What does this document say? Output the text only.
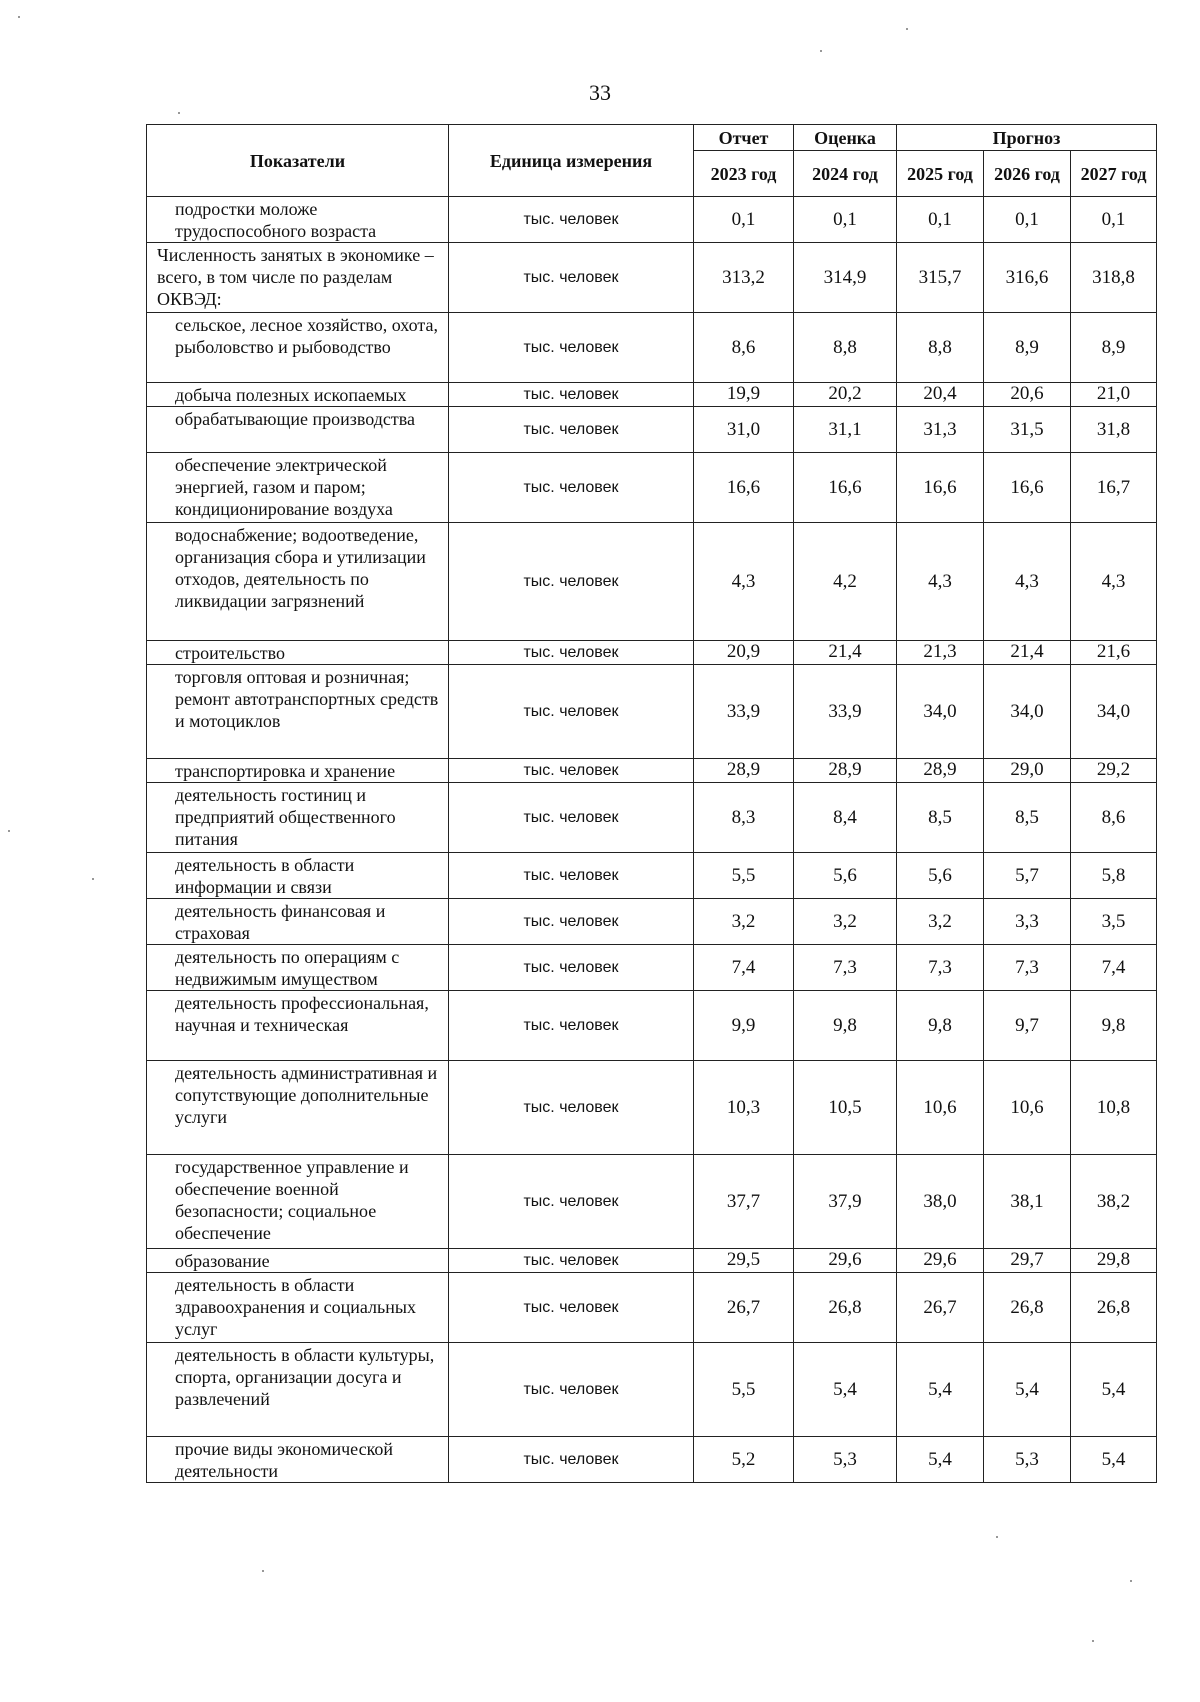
33
Показатели	Единица измерения	Отчет	Оценка	Прогноз		
		2023 год	2024 год	2025 год	2026 год	2027 год
подростки моложе трудоспособного возраста	тыс. человек	0,1	0,1	0,1	0,1	0,1
Численность занятых в экономике – всего, в том числе по разделам ОКВЭД:	тыс. человек	313,2	314,9	315,7	316,6	318,8
сельское, лесное хозяйство, охота, рыболовство и рыбоводство	тыс. человек	8,6	8,8	8,8	8,9	8,9
добыча полезных ископаемых	тыс. человек	19,9	20,2	20,4	20,6	21,0
обрабатывающие производства	тыс. человек	31,0	31,1	31,3	31,5	31,8
обеспечение электрической энергией, газом и паром; кондиционирование воздуха	тыс. человек	16,6	16,6	16,6	16,6	16,7
водоснабжение; водоотведение, организация сбора и утилизации отходов, деятельность по ликвидации загрязнений	тыс. человек	4,3	4,2	4,3	4,3	4,3
строительство	тыс. человек	20,9	21,4	21,3	21,4	21,6
торговля оптовая и розничная; ремонт автотранспортных средств и мотоциклов	тыс. человек	33,9	33,9	34,0	34,0	34,0
транспортировка и хранение	тыс. человек	28,9	28,9	28,9	29,0	29,2
деятельность гостиниц и предприятий общественного питания	тыс. человек	8,3	8,4	8,5	8,5	8,6
деятельность в области информации и связи	тыс. человек	5,5	5,6	5,6	5,7	5,8
деятельность финансовая и страховая	тыс. человек	3,2	3,2	3,2	3,3	3,5
деятельность по операциям с недвижимым имуществом	тыс. человек	7,4	7,3	7,3	7,3	7,4
деятельность профессиональная, научная и техническая	тыс. человек	9,9	9,8	9,8	9,7	9,8
деятельность административная и сопутствующие дополнительные услуги	тыс. человек	10,3	10,5	10,6	10,6	10,8
государственное управление и обеспечение военной безопасности; социальное обеспечение	тыс. человек	37,7	37,9	38,0	38,1	38,2
образование	тыс. человек	29,5	29,6	29,6	29,7	29,8
деятельность в области здравоохранения и социальных услуг	тыс. человек	26,7	26,8	26,7	26,8	26,8
деятельность в области культуры, спорта, организации досуга и развлечений	тыс. человек	5,5	5,4	5,4	5,4	5,4
прочие виды экономической деятельности	тыс. человек	5,2	5,3	5,4	5,3	5,4
